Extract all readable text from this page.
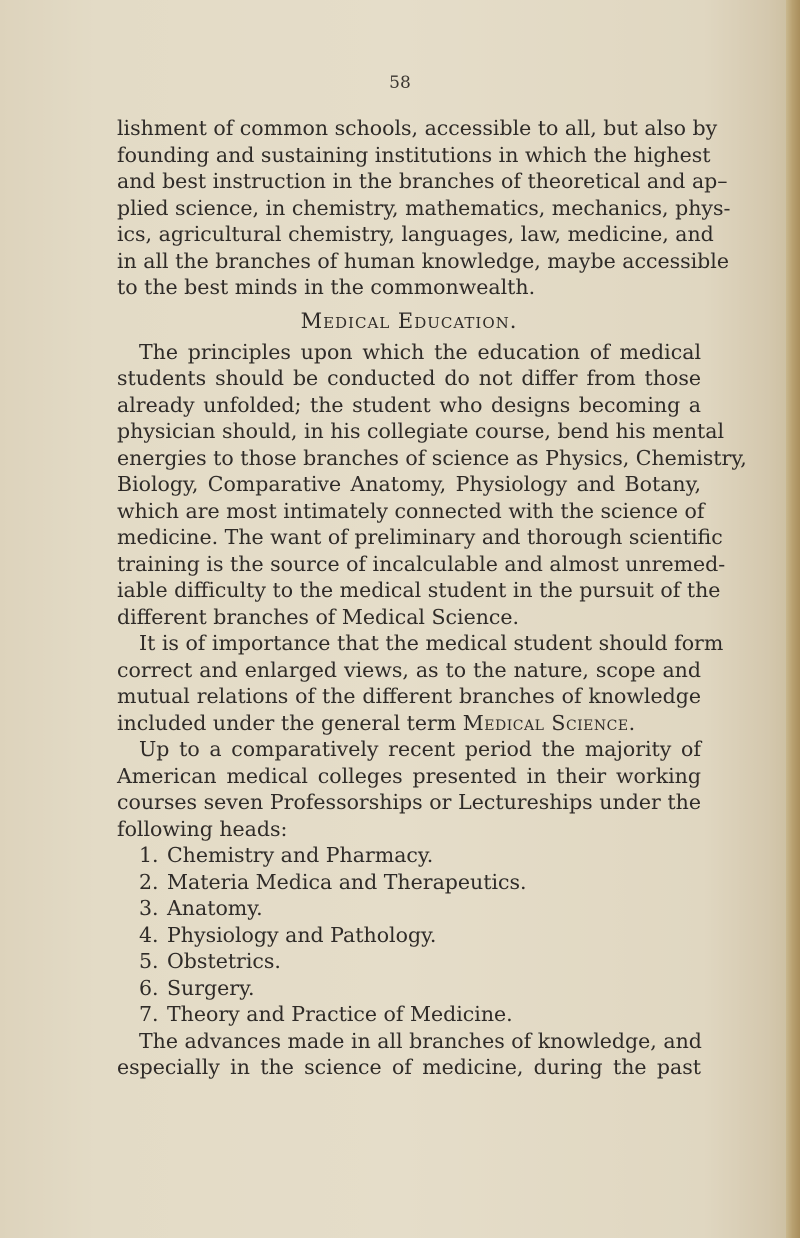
58
lishment of common schools, accessible to all, but also by
founding and sustaining institutions in which the highest
and best instruction in the branches of theoretical and ap–
plied science, in chemistry, mathematics, mechanics, phys-
ics, agricultural chemistry, languages, law, medicine, and
in all the branches of human knowledge, maybe accessible
to the best minds in the commonwealth.
Medical Education.
The principles upon which the education of medical
students should be conducted do not differ from those
already unfolded; the student who designs becoming a
physician should, in his collegiate course, bend his mental
energies to those branches of science as Physics, Chemistry,
Biology, Comparative Anatomy, Physiology and Botany,
which are most intimately connected with the science of
medicine. The want of preliminary and thorough scientific
training is the source of incalculable and almost unremed-
iable difficulty to the medical student in the pursuit of the
different branches of Medical Science.
It is of importance that the medical student should form
correct and enlarged views, as to the nature, scope and
mutual relations of the different branches of knowledge
included under the general term Medical Science.
Up to a comparatively recent period the majority of
American medical colleges presented in their working
courses seven Professorships or Lectureships under the
following heads:
1. Chemistry and Pharmacy.
2. Materia Medica and Therapeutics.
3. Anatomy.
4. Physiology and Pathology.
5. Obstetrics.
6. Surgery.
7. Theory and Practice of Medicine.
The advances made in all branches of knowledge, and
especially in the science of medicine, during the past
